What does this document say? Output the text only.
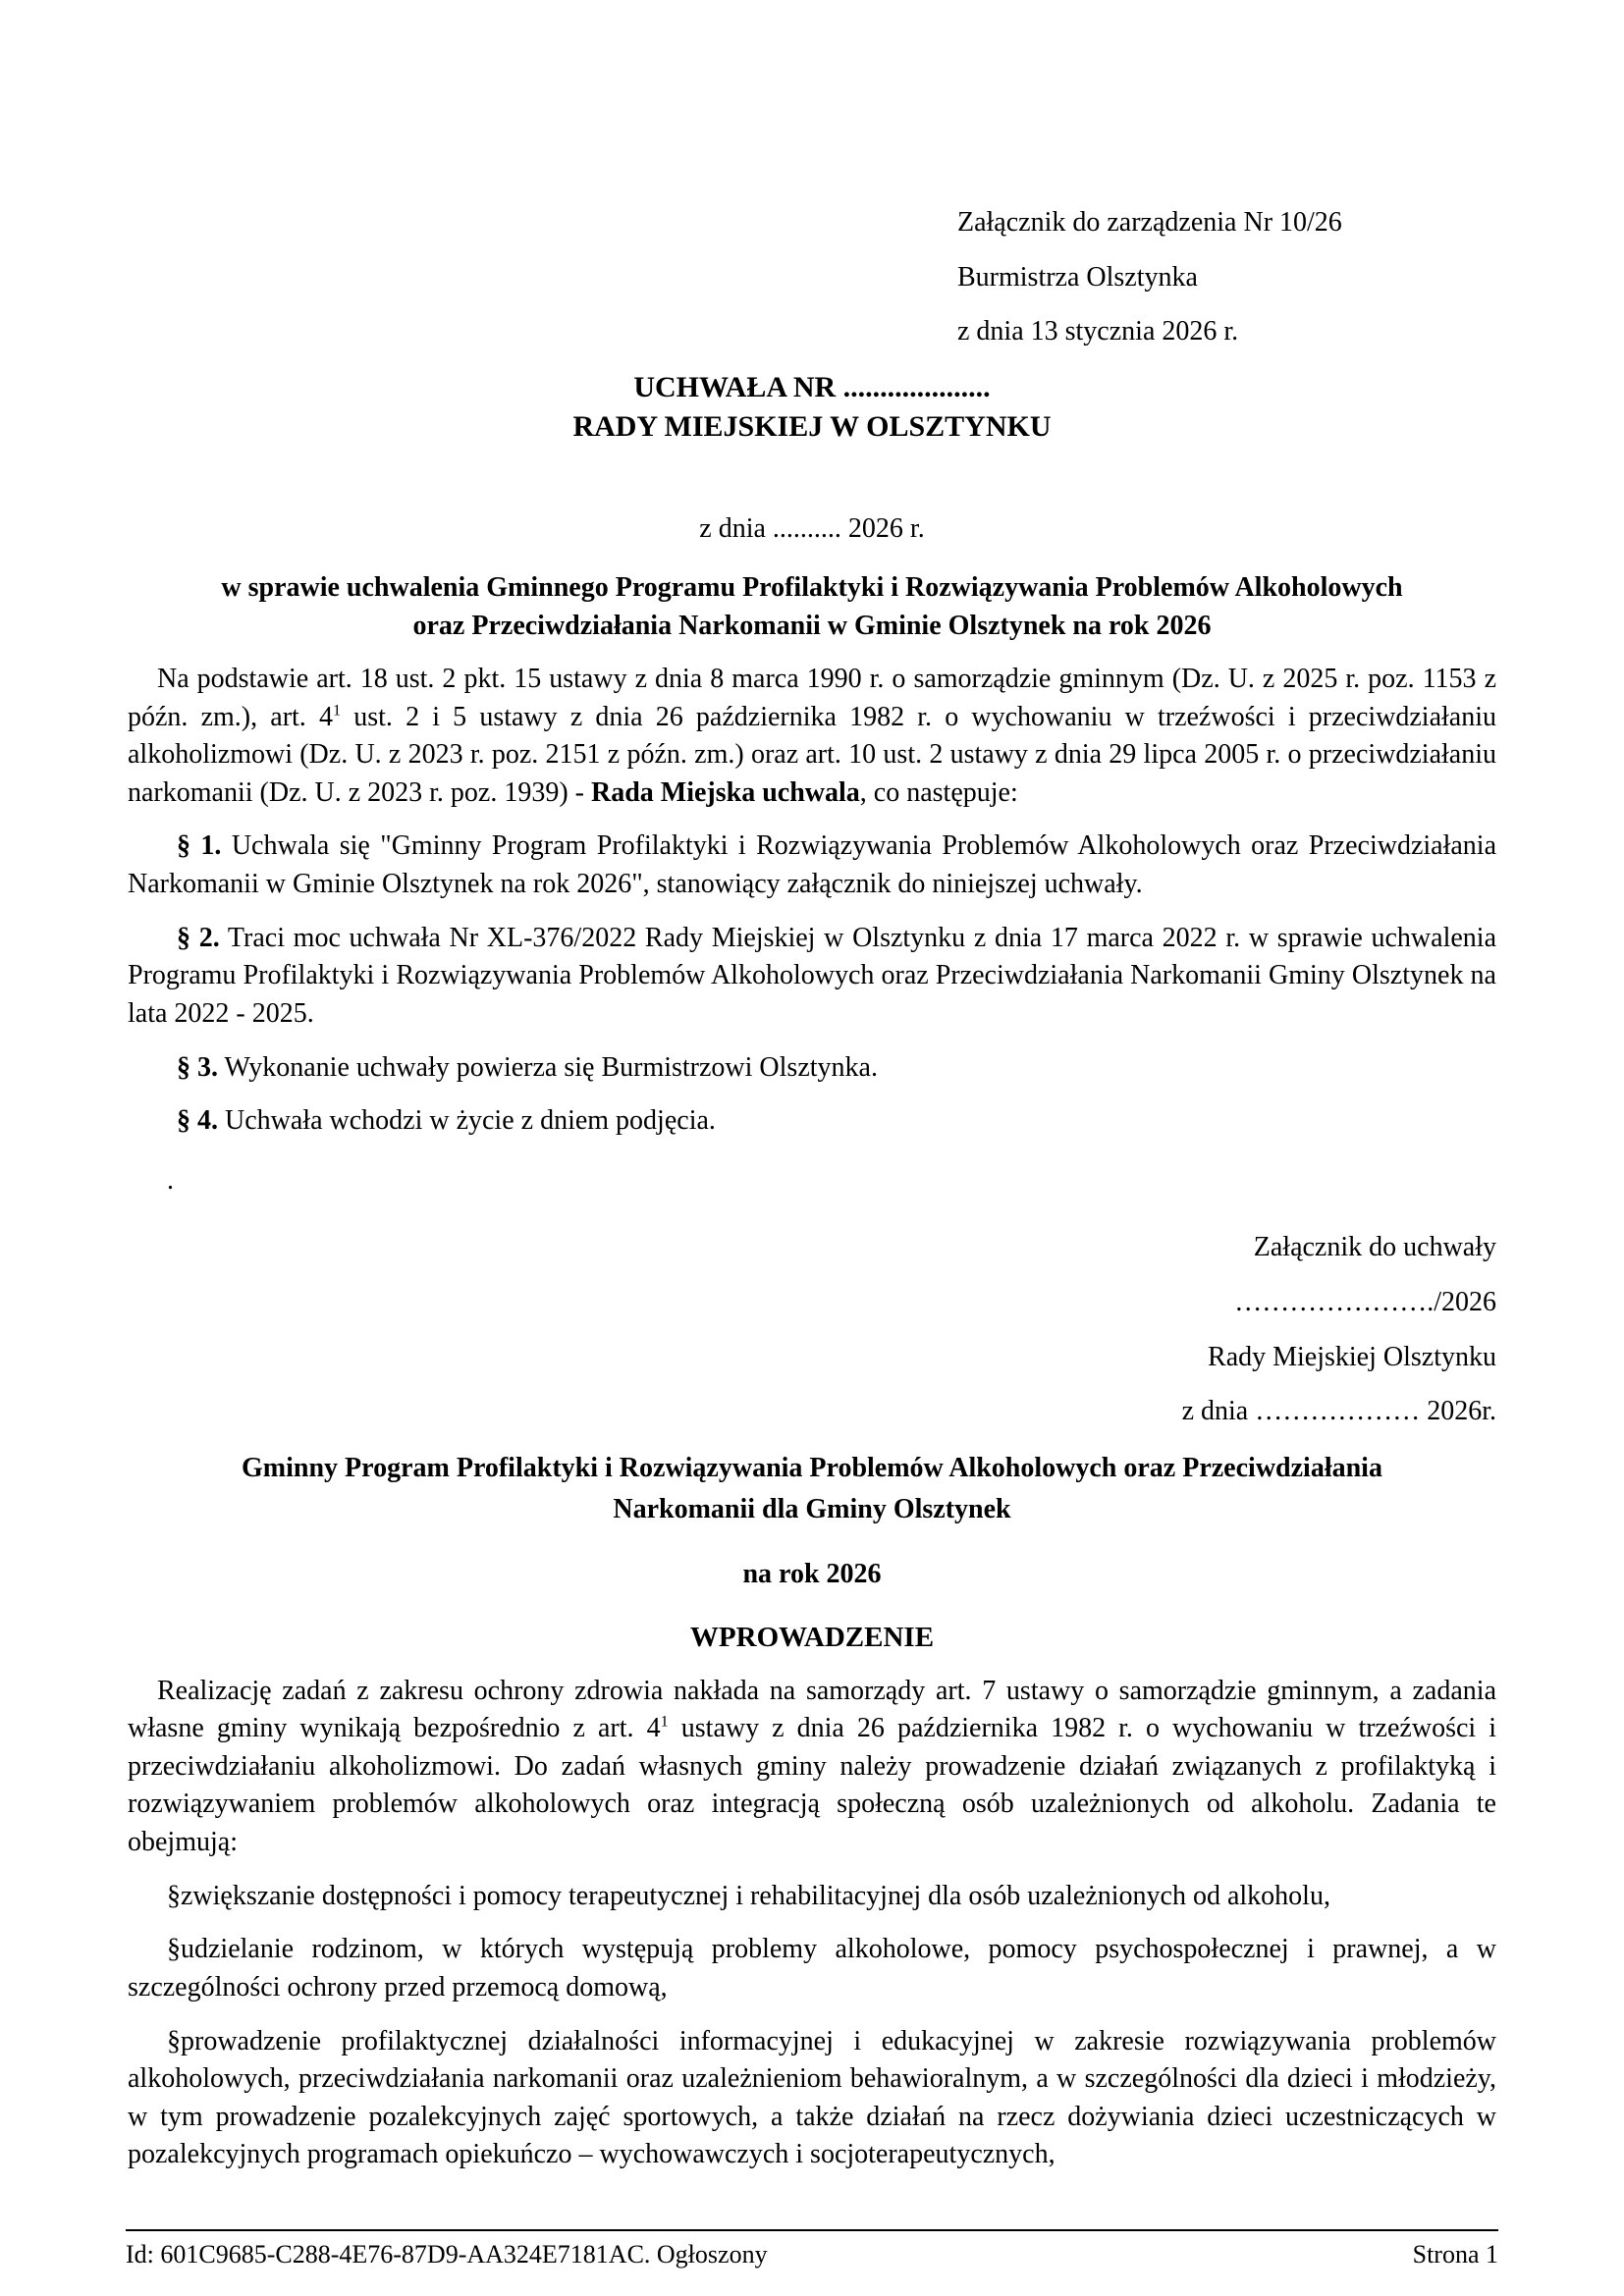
Załącznik do zarządzenia Nr 10/26

Burmistrza Olsztynka

z dnia 13 stycznia 2026 r.

UCHWAŁA NR ....................
RADY MIEJSKIEJ W OLSZTYNKU

z dnia .......... 2026 r.

w sprawie uchwalenia Gminnego Programu Profilaktyki i Rozwiązywania Problemów Alkoholowych
oraz Przeciwdziałania Narkomanii w Gminie Olsztynek na rok 2026

Na podstawie art. 18 ust. 2 pkt. 15 ustawy z dnia 8 marca 1990 r. o samorządzie gminnym (Dz. U. z 2025 r. poz. 1153 z późn. zm.), art. $4^1$ ust. 2 i 5 ustawy z dnia 26 października 1982 r. o wychowaniu w trzeźwości i przeciwdziałaniu alkoholizmowi (Dz. U. z 2023 r. poz. 2151 z późn. zm.) oraz art. 10 ust. 2 ustawy z dnia 29 lipca 2005 r. o przeciwdziałaniu narkomanii (Dz. U. z 2023 r. poz. 1939) - Rada Miejska uchwala, co następuje:

§ 1. Uchwala się "Gminny Program Profilaktyki i Rozwiązywania Problemów Alkoholowych oraz Przeciwdziałania Narkomanii w Gminie Olsztynek na rok 2026", stanowiący załącznik do niniejszej uchwały.

§ 2. Traci moc uchwała Nr XL-376/2022 Rady Miejskiej w Olsztynku z dnia 17 marca 2022 r. w sprawie uchwalenia Programu Profilaktyki i Rozwiązywania Problemów Alkoholowych oraz Przeciwdziałania Narkomanii Gminy Olsztynek na lata 2022 - 2025.

§ 3. Wykonanie uchwały powierza się Burmistrzowi Olsztynka.

§ 4. Uchwała wchodzi w życie z dniem podjęcia.

.

Załącznik do uchwały

…………………./2026

Rady Miejskiej Olsztynku

z dnia ……………… 2026r.

Gminny Program Profilaktyki i Rozwiązywania Problemów Alkoholowych oraz Przeciwdziałania
Narkomanii dla Gminy Olsztynek

na rok 2026

WPROWADZENIE

Realizację zadań z zakresu ochrony zdrowia nakłada na samorządy art. 7 ustawy o samorządzie gminnym, a zadania własne gminy wynikają bezpośrednio z art. $4^1$ ustawy z dnia 26 października 1982 r. o wychowaniu w trzeźwości i przeciwdziałaniu alkoholizmowi. Do zadań własnych gminy należy prowadzenie działań związanych z profilaktyką i rozwiązywaniem problemów alkoholowych oraz integracją społeczną osób uzależnionych od alkoholu. Zadania te obejmują:

§zwiększanie dostępności i pomocy terapeutycznej i rehabilitacyjnej dla osób uzależnionych od alkoholu,

§udzielanie rodzinom, w których występują problemy alkoholowe, pomocy psychospołecznej i prawnej, a w szczególności ochrony przed przemocą domową,

§prowadzenie profilaktycznej działalności informacyjnej i edukacyjnej w zakresie rozwiązywania problemów alkoholowych, przeciwdziałania narkomanii oraz uzależnieniom behawioralnym, a w szczególności dla dzieci i młodzieży, w tym prowadzenie pozalekcyjnych zajęć sportowych, a także działań na rzecz dożywiania dzieci uczestniczących w pozalekcyjnych programach opiekuńczo – wychowawczych i socjoterapeutycznych,

Id: 601C9685-C288-4E76-87D9-AA324E7181AC. Ogłoszony	Strona 1
